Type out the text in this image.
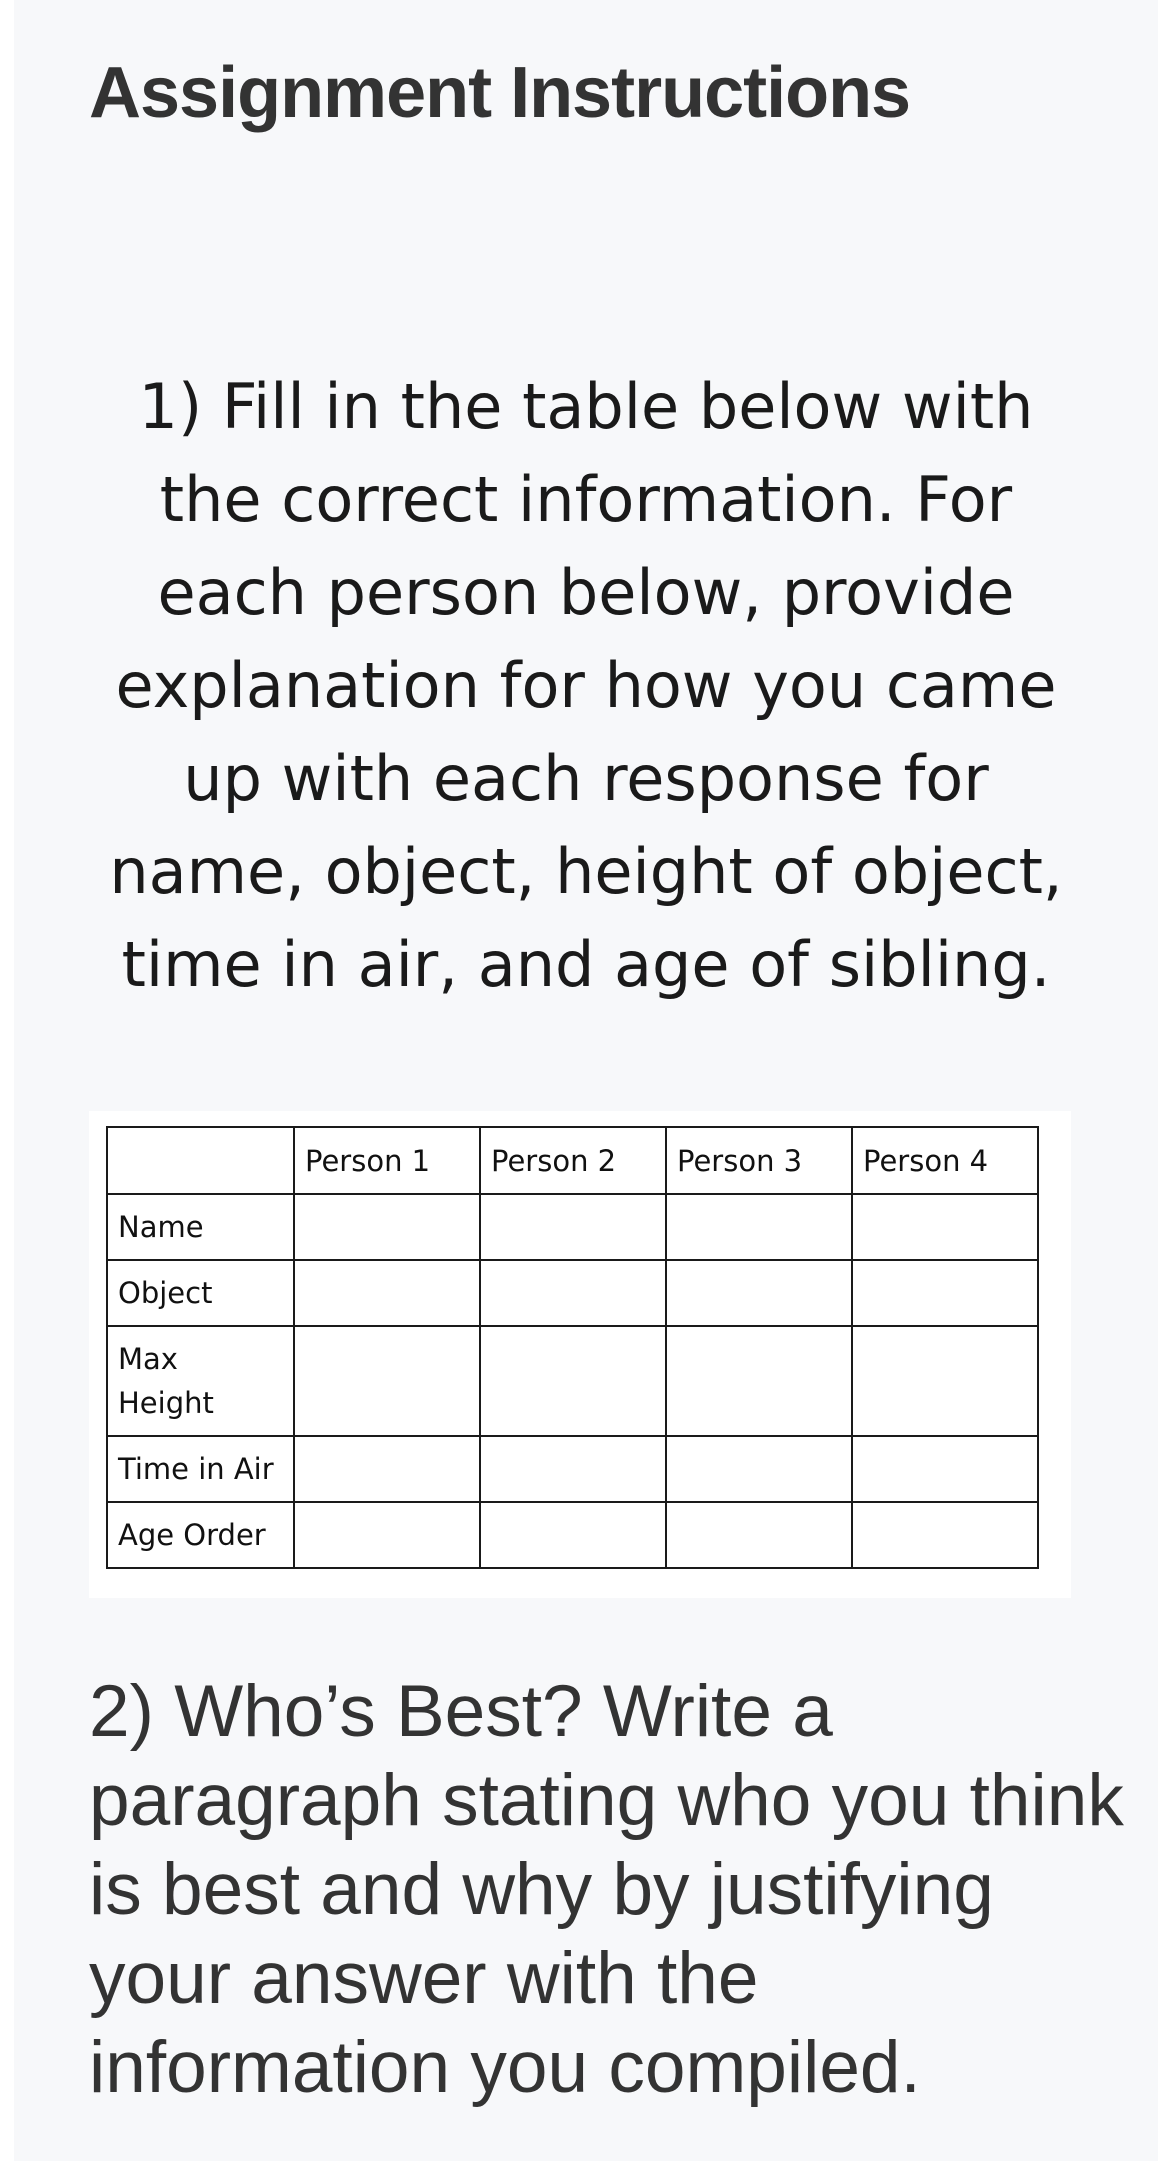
Assignment Instructions

1) Fill in the table below with the correct information. For each person below, provide explanation for how you came up with each response for name, object, height of object, time in air, and age of sibling.

	Person 1	Person 2	Person 3	Person 4
Name				
Object				
Max Height				
Time in Air				
Age Order				

2) Who’s Best? Write a paragraph stating who you think is best and why by justifying your answer with the information you compiled.
